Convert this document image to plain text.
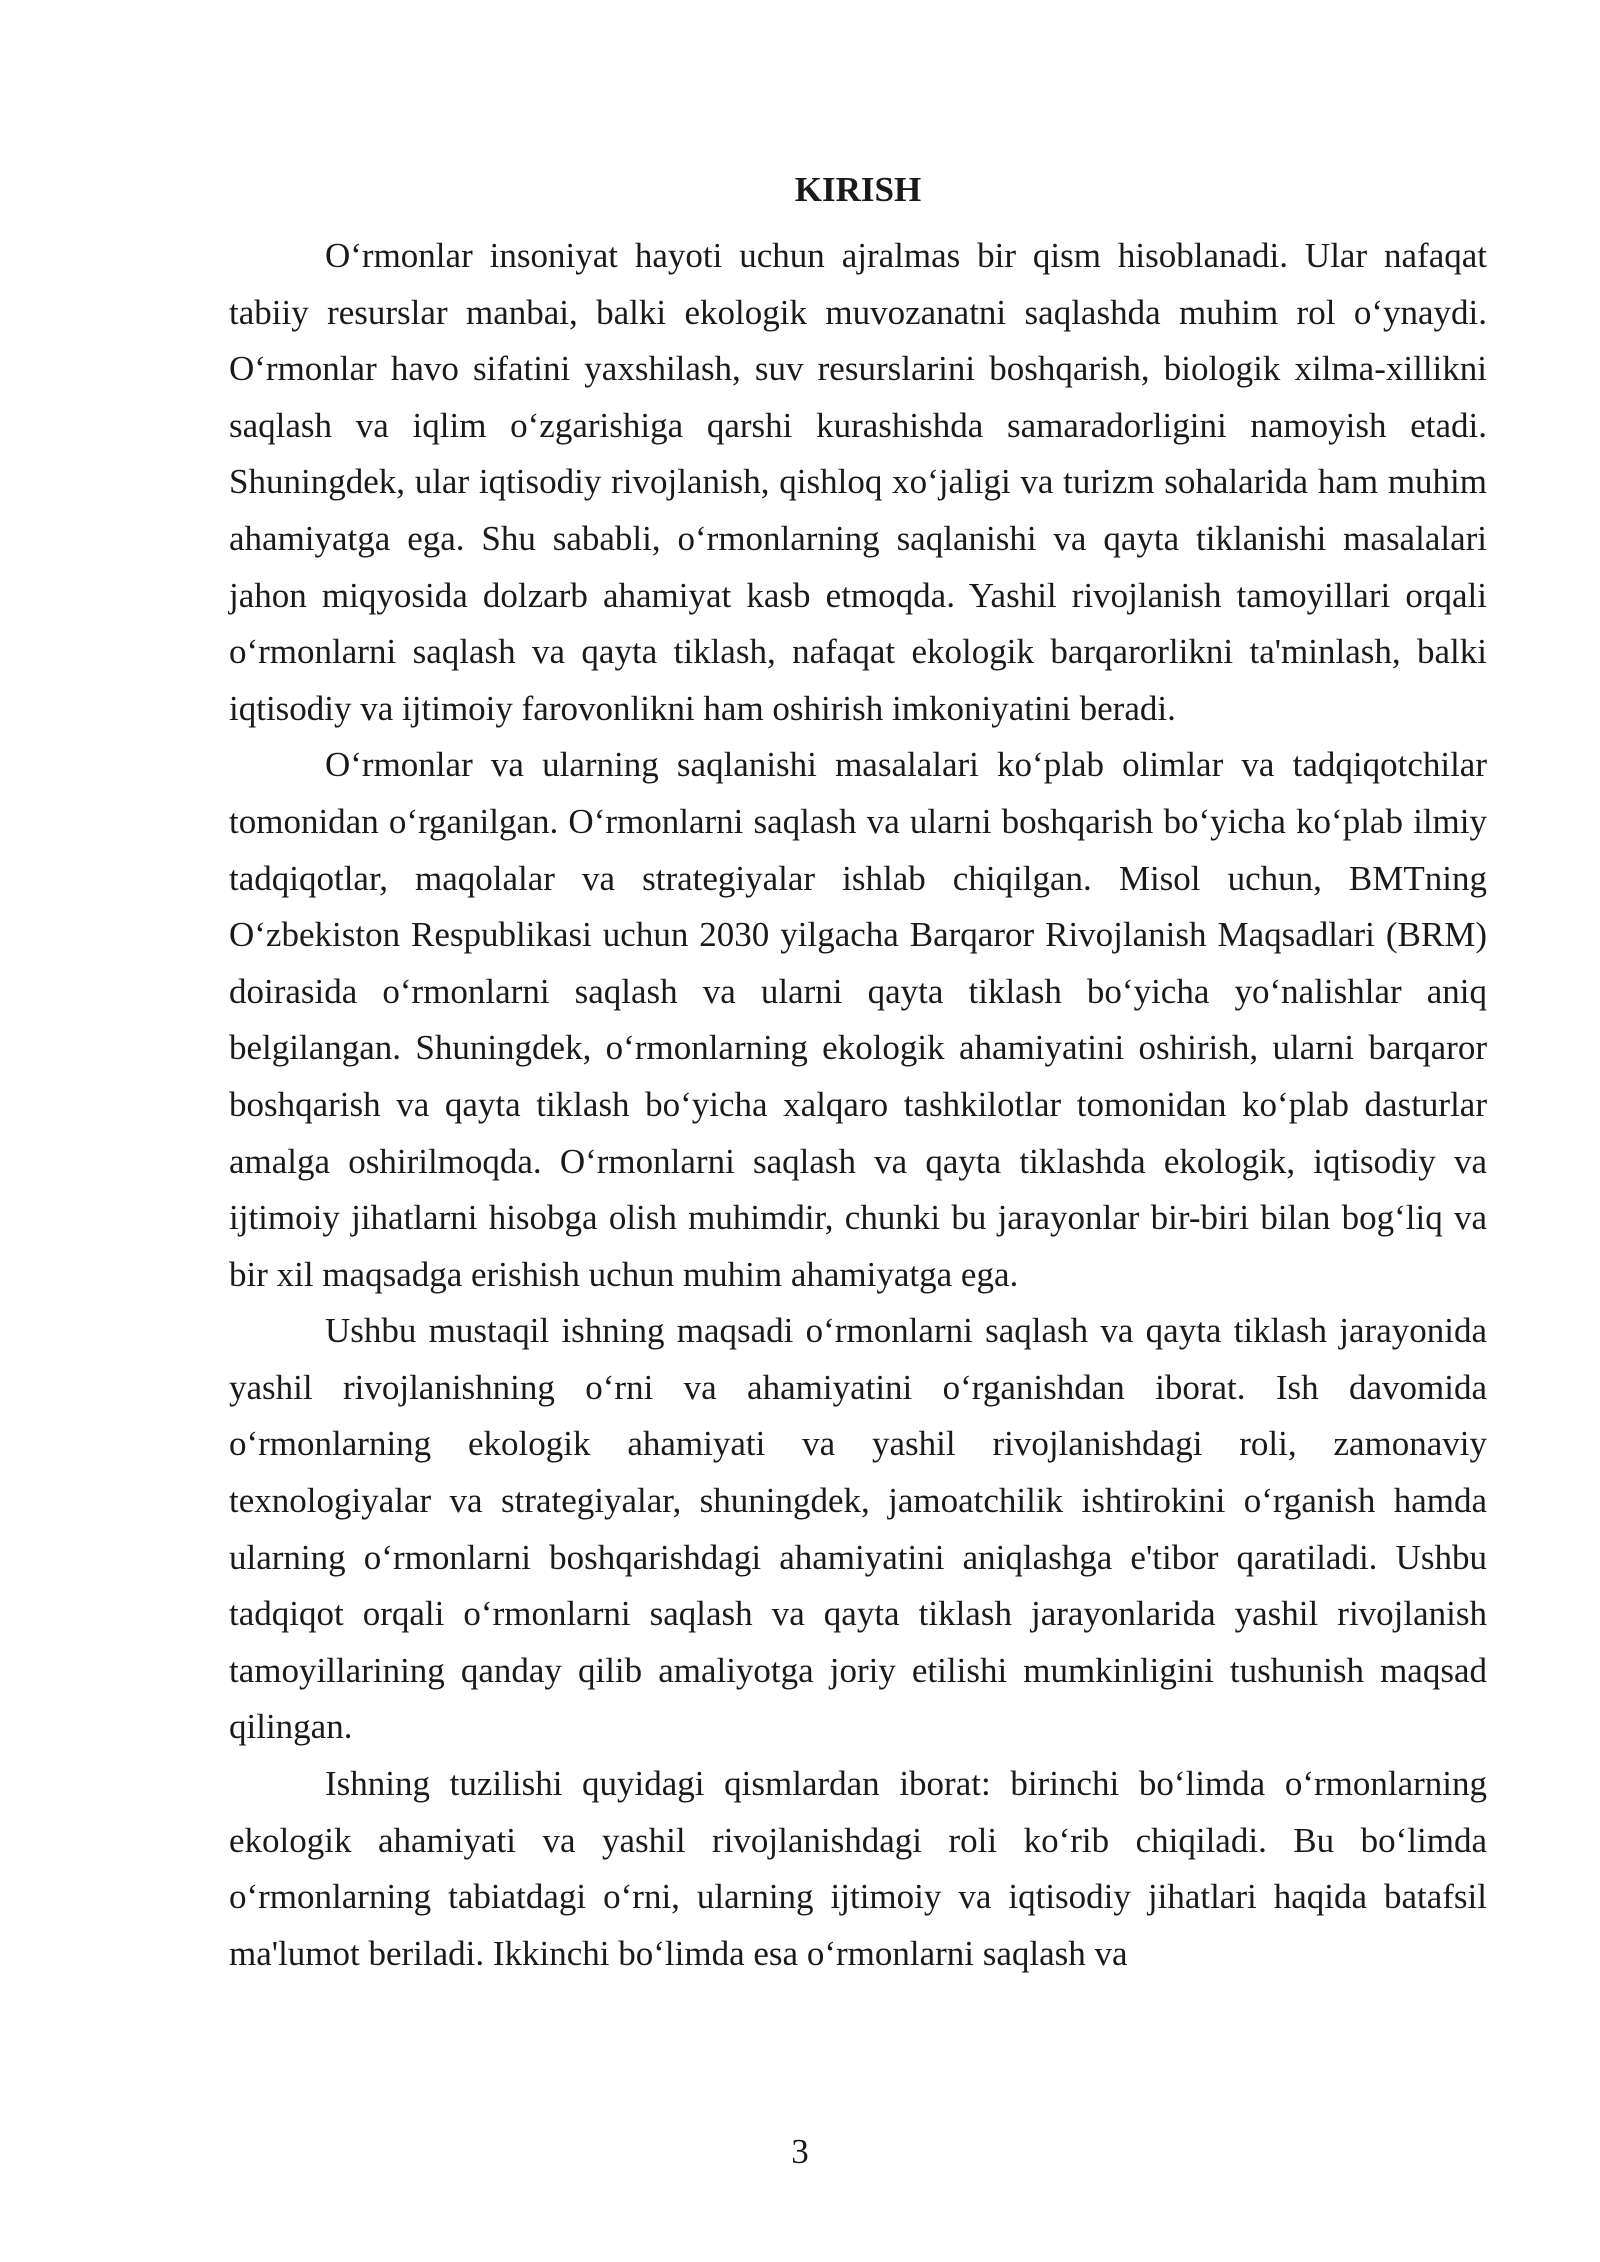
KIRISH

O‘rmonlar insoniyat hayoti uchun ajralmas bir qism hisoblanadi. Ular nafaqat tabiiy resurslar manbai, balki ekologik muvozanatni saqlashda muhim rol o‘ynaydi. O‘rmonlar havo sifatini yaxshilash, suv resurslarini boshqarish, biologik xilma-xillikni saqlash va iqlim o‘zgarishiga qarshi kurashishda samaradorligini namoyish etadi. Shuningdek, ular iqtisodiy rivojlanish, qishloq xo‘jaligi va turizm sohalarida ham muhim ahamiyatga ega. Shu sababli, o‘rmonlarning saqlanishi va qayta tiklanishi masalalari jahon miqyosida dolzarb ahamiyat kasb etmoqda. Yashil rivojlanish tamoyillari orqali o‘rmonlarni saqlash va qayta tiklash, nafaqat ekologik barqarorlikni ta'minlash, balki iqtisodiy va ijtimoiy farovonlikni ham oshirish imkoniyatini beradi.

O‘rmonlar va ularning saqlanishi masalalari ko‘plab olimlar va tadqiqotchilar tomonidan o‘rganilgan. O‘rmonlarni saqlash va ularni boshqarish bo‘yicha ko‘plab ilmiy tadqiqotlar, maqolalar va strategiyalar ishlab chiqilgan. Misol uchun, BMTning O‘zbekiston Respublikasi uchun 2030 yilgacha Barqaror Rivojlanish Maqsadlari (BRM) doirasida o‘rmonlarni saqlash va ularni qayta tiklash bo‘yicha yo‘nalishlar aniq belgilangan. Shuningdek, o‘rmonlarning ekologik ahamiyatini oshirish, ularni barqaror boshqarish va qayta tiklash bo‘yicha xalqaro tashkilotlar tomonidan ko‘plab dasturlar amalga oshirilmoqda. O‘rmonlarni saqlash va qayta tiklashda ekologik, iqtisodiy va ijtimoiy jihatlarni hisobga olish muhimdir, chunki bu jarayonlar bir-biri bilan bog‘liq va bir xil maqsadga erishish uchun muhim ahamiyatga ega.

Ushbu mustaqil ishning maqsadi o‘rmonlarni saqlash va qayta tiklash jarayonida yashil rivojlanishning o‘rni va ahamiyatini o‘rganishdan iborat. Ish davomida o‘rmonlarning ekologik ahamiyati va yashil rivojlanishdagi roli, zamonaviy texnologiyalar va strategiyalar, shuningdek, jamoatchilik ishtirokini o‘rganish hamda ularning o‘rmonlarni boshqarishdagi ahamiyatini aniqlashga e'tibor qaratiladi. Ushbu tadqiqot orqali o‘rmonlarni saqlash va qayta tiklash jarayonlarida yashil rivojlanish tamoyillarining qanday qilib amaliyotga joriy etilishi mumkinligini tushunish maqsad qilingan.

Ishning tuzilishi quyidagi qismlardan iborat: birinchi bo‘limda o‘rmonlarning ekologik ahamiyati va yashil rivojlanishdagi roli ko‘rib chiqiladi. Bu bo‘limda o‘rmonlarning tabiatdagi o‘rni, ularning ijtimoiy va iqtisodiy jihatlari haqida batafsil ma'lumot beriladi. Ikkinchi bo‘limda esa o‘rmonlarni saqlash va

3
